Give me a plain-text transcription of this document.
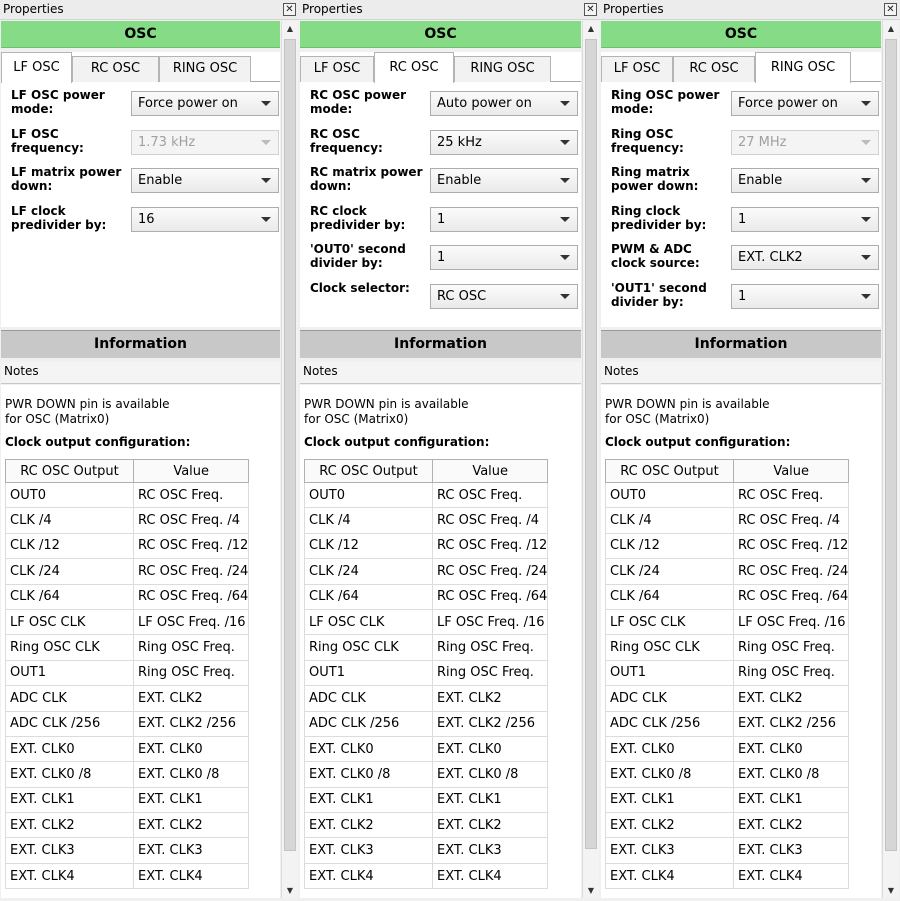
Properties	✕
OSC
LF OSC	RC OSC	RING OSC
LF OSC power mode:	Force power on
LF OSC frequency:	1.73 kHz
LF matrix power down:	Enable
LF clock predivider by:	16
Information
Notes
PWR DOWN pin is available
for OSC (Matrix0)
Clock output configuration:
RC OSC Output	Value
OUT0	RC OSC Freq.
CLK /4	RC OSC Freq. /4
CLK /12	RC OSC Freq. /12
CLK /24	RC OSC Freq. /24
CLK /64	RC OSC Freq. /64
LF OSC CLK	LF OSC Freq. /16
Ring OSC CLK	Ring OSC Freq.
OUT1	Ring OSC Freq.
ADC CLK	EXT. CLK2
ADC CLK /256	EXT. CLK2 /256
EXT. CLK0	EXT. CLK0
EXT. CLK0 /8	EXT. CLK0 /8
EXT. CLK1	EXT. CLK1
EXT. CLK2	EXT. CLK2
EXT. CLK3	EXT. CLK3
EXT. CLK4	EXT. CLK4
▲
▼
Properties	✕
OSC
LF OSC	RC OSC	RING OSC
RC OSC power mode:	Auto power on
RC OSC frequency:	25 kHz
RC matrix power down:	Enable
RC clock predivider by:	1
'OUT0' second divider by:	1
Clock selector:
RC OSC
Information
Notes
PWR DOWN pin is available
for OSC (Matrix0)
Clock output configuration:
RC OSC Output	Value
OUT0	RC OSC Freq.
CLK /4	RC OSC Freq. /4
CLK /12	RC OSC Freq. /12
CLK /24	RC OSC Freq. /24
CLK /64	RC OSC Freq. /64
LF OSC CLK	LF OSC Freq. /16
Ring OSC CLK	Ring OSC Freq.
OUT1	Ring OSC Freq.
ADC CLK	EXT. CLK2
ADC CLK /256	EXT. CLK2 /256
EXT. CLK0	EXT. CLK0
EXT. CLK0 /8	EXT. CLK0 /8
EXT. CLK1	EXT. CLK1
EXT. CLK2	EXT. CLK2
EXT. CLK3	EXT. CLK3
EXT. CLK4	EXT. CLK4
▲
▼
Properties	✕
OSC
LF OSC	RC OSC	RING OSC
Ring OSC power mode:	Force power on
Ring OSC frequency:	27 MHz
Ring matrix power down:	Enable
Ring clock predivider by:	1
PWM & ADC clock source:	EXT. CLK2
'OUT1' second divider by:	1
Information
Notes
PWR DOWN pin is available
for OSC (Matrix0)
Clock output configuration:
RC OSC Output	Value
OUT0	RC OSC Freq.
CLK /4	RC OSC Freq. /4
CLK /12	RC OSC Freq. /12
CLK /24	RC OSC Freq. /24
CLK /64	RC OSC Freq. /64
LF OSC CLK	LF OSC Freq. /16
Ring OSC CLK	Ring OSC Freq.
OUT1	Ring OSC Freq.
ADC CLK	EXT. CLK2
ADC CLK /256	EXT. CLK2 /256
EXT. CLK0	EXT. CLK0
EXT. CLK0 /8	EXT. CLK0 /8
EXT. CLK1	EXT. CLK1
EXT. CLK2	EXT. CLK2
EXT. CLK3	EXT. CLK3
EXT. CLK4	EXT. CLK4
▲
▼
